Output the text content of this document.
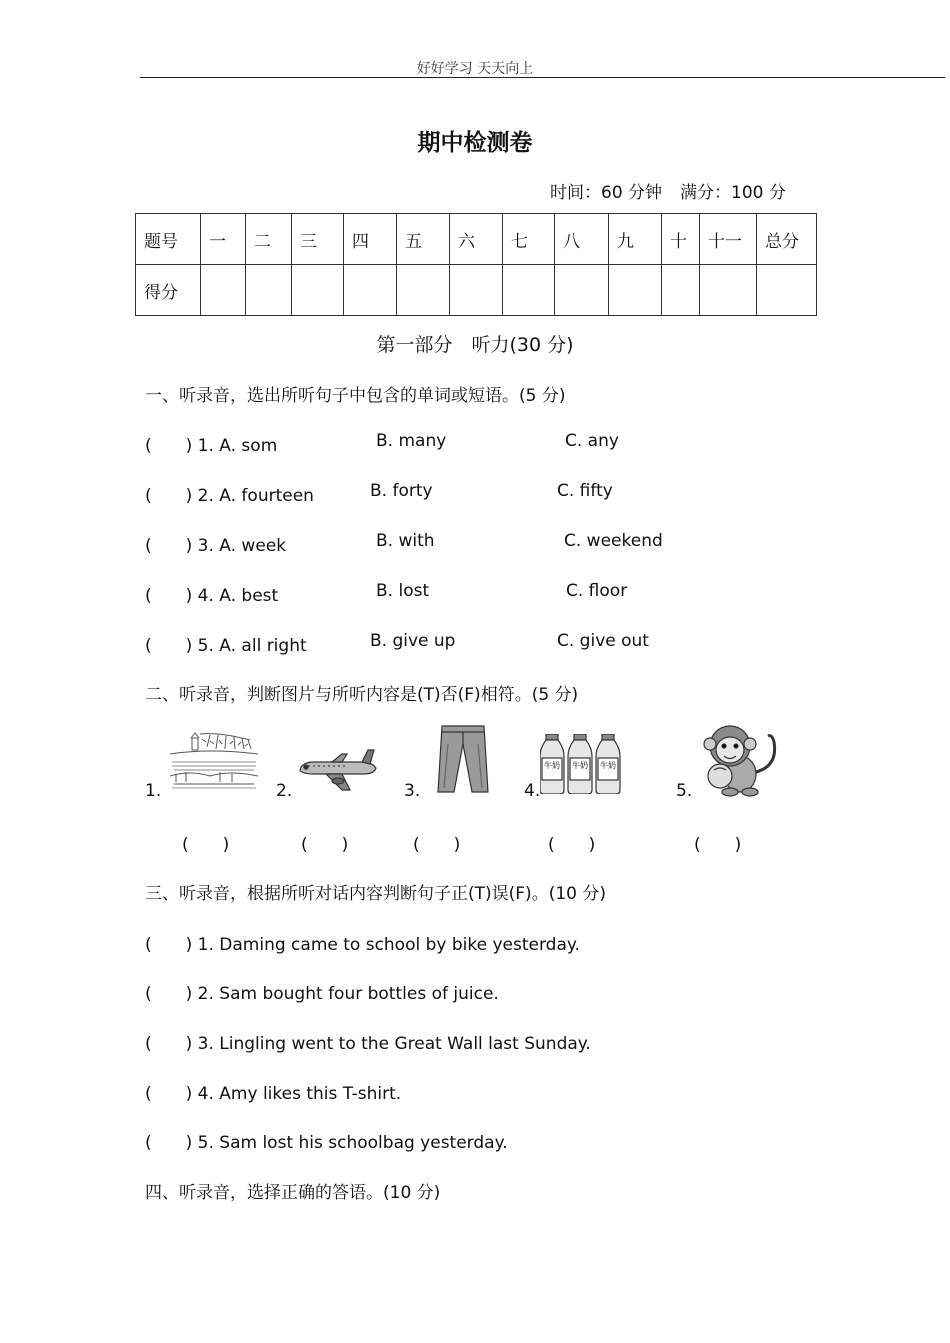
好好学习 天天向上
期中检测卷
时间：60 分钟 满分：100 分
题号	一	二	三	四	五	六	七	八	九	十	十一	总分
得分												
第一部分　听力(30 分)
一、听录音，选出所听句子中包含的单词或短语。(5 分)
(　　) 1. A. som	B. many	C. any
(　　) 2. A. fourteen	B. forty	C. fifty
(　　) 3. A. week	B. with	C. weekend
(　　) 4. A. best	B. lost	C. floor
(　　) 5. A. all right	B. give up	C. give out
二、听录音，判断图片与所听内容是(T)否(F)相符。(5 分)
1.	2.	3.	4.
牛奶 牛奶 牛奶
5.
(　　)	(　　)	(　　)	(　　)	(　　)
三、听录音，根据所听对话内容判断句子正(T)误(F)。(10 分)
(　　) 1. Daming came to school by bike yesterday.
(　　) 2. Sam bought four bottles of juice.
(　　) 3. Lingling went to the Great Wall last Sunday.
(　　) 4. Amy likes this T-shirt.
(　　) 5. Sam lost his schoolbag yesterday.
四、听录音，选择正确的答语。(10 分)
